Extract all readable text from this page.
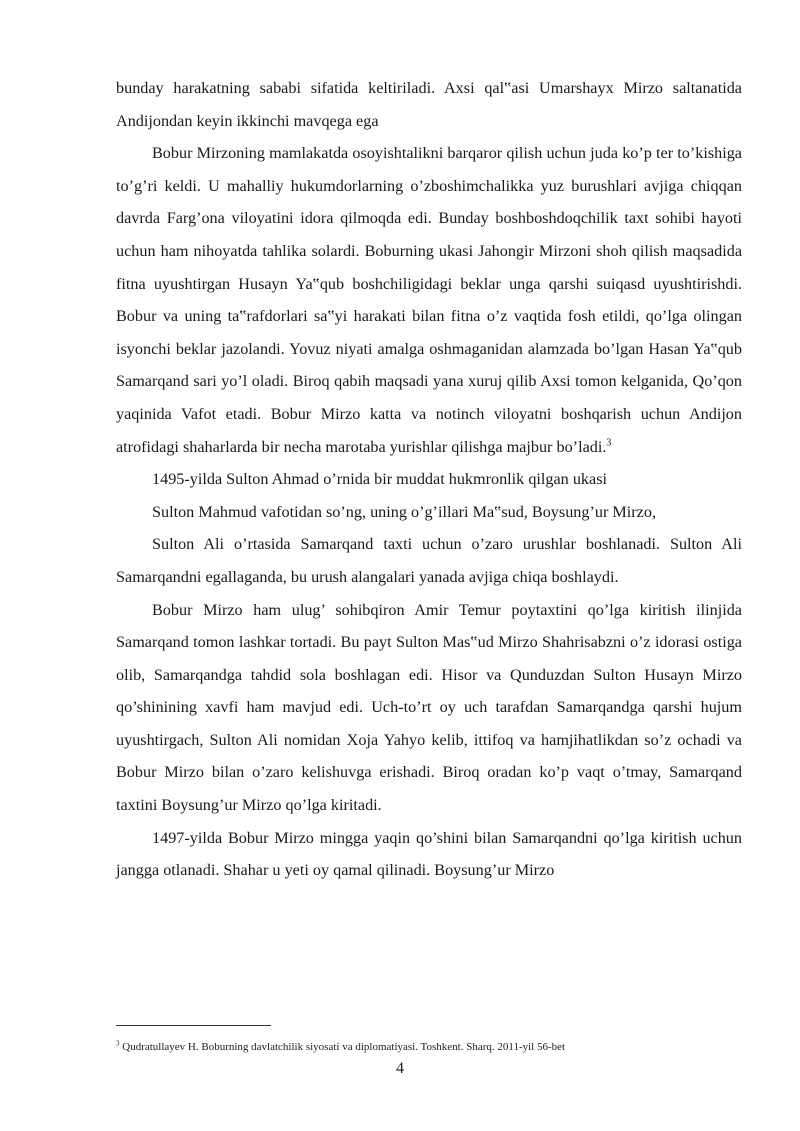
bunday harakatning sababi sifatida keltiriladi. Axsi qal‟asi Umarshayx Mirzo saltanatida Andijondan keyin ikkinchi mavqega ega

Bobur Mirzoning mamlakatda osoyishtalikni barqaror qilish uchun juda ko’p ter to’kishiga to’g’ri keldi. U mahalliy hukumdorlarning o’zboshimchalikka yuz burushlari avjiga chiqqan davrda Farg’ona viloyatini idora qilmoqda edi. Bunday boshboshdoqchilik taxt sohibi hayoti uchun ham nihoyatda tahlika solardi. Boburning ukasi Jahongir Mirzoni shoh qilish maqsadida fitna uyushtirgan Husayn Ya‟qub boshchiligidagi beklar unga qarshi suiqasd uyushtirishdi. Bobur va uning ta‟rafdorlari sa‟yi harakati bilan fitna o’z vaqtida fosh etildi, qo’lga olingan isyonchi beklar jazolandi. Yovuz niyati amalga oshmaganidan alamzada bo’lgan Hasan Ya‟qub Samarqand sari yo’l oladi. Biroq qabih maqsadi yana xuruj qilib Axsi tomon kelganida, Qo’qon yaqinida Vafot etadi. Bobur Mirzo katta va notinch viloyatni boshqarish uchun Andijon atrofidagi shaharlarda bir necha marotaba yurishlar qilishga majbur bo’ladi.$^3$

1495-yilda Sulton Ahmad o’rnida bir muddat hukmronlik qilgan ukasi

Sulton Mahmud vafotidan so’ng, uning o’g’illari Ma‟sud, Boysung’ur Mirzo,

Sulton Ali o’rtasida Samarqand taxti uchun o’zaro urushlar boshlanadi. Sulton Ali Samarqandni egallaganda, bu urush alangalari yanada avjiga chiqa boshlaydi.

Bobur Mirzo ham ulug’ sohibqiron Amir Temur poytaxtini qo’lga kiritish ilinjida Samarqand tomon lashkar tortadi. Bu payt Sulton Mas‟ud Mirzo Shahrisabzni o’z idorasi ostiga olib, Samarqandga tahdid sola boshlagan edi. Hisor va Qunduzdan Sulton Husayn Mirzo qo’shinining xavfi ham mavjud edi. Uch-to’rt oy uch tarafdan Samarqandga qarshi hujum uyushtirgach, Sulton Ali nomidan Xoja Yahyo kelib, ittifoq va hamjihatlikdan so’z ochadi va Bobur Mirzo bilan o’zaro kelishuvga erishadi. Biroq oradan ko’p vaqt o’tmay, Samarqand taxtini Boysung’ur Mirzo qo’lga kiritadi.

1497-yilda Bobur Mirzo mingga yaqin qo’shini bilan Samarqandni qo’lga kiritish uchun jangga otlanadi. Shahar u yeti oy qamal qilinadi. Boysung’ur Mirzo

$^3$ Qudratullayev H. Boburning davlatchilik siyosati va diplomatiyasi. Toshkent. Sharq. 2011-yil 56-bet
4
